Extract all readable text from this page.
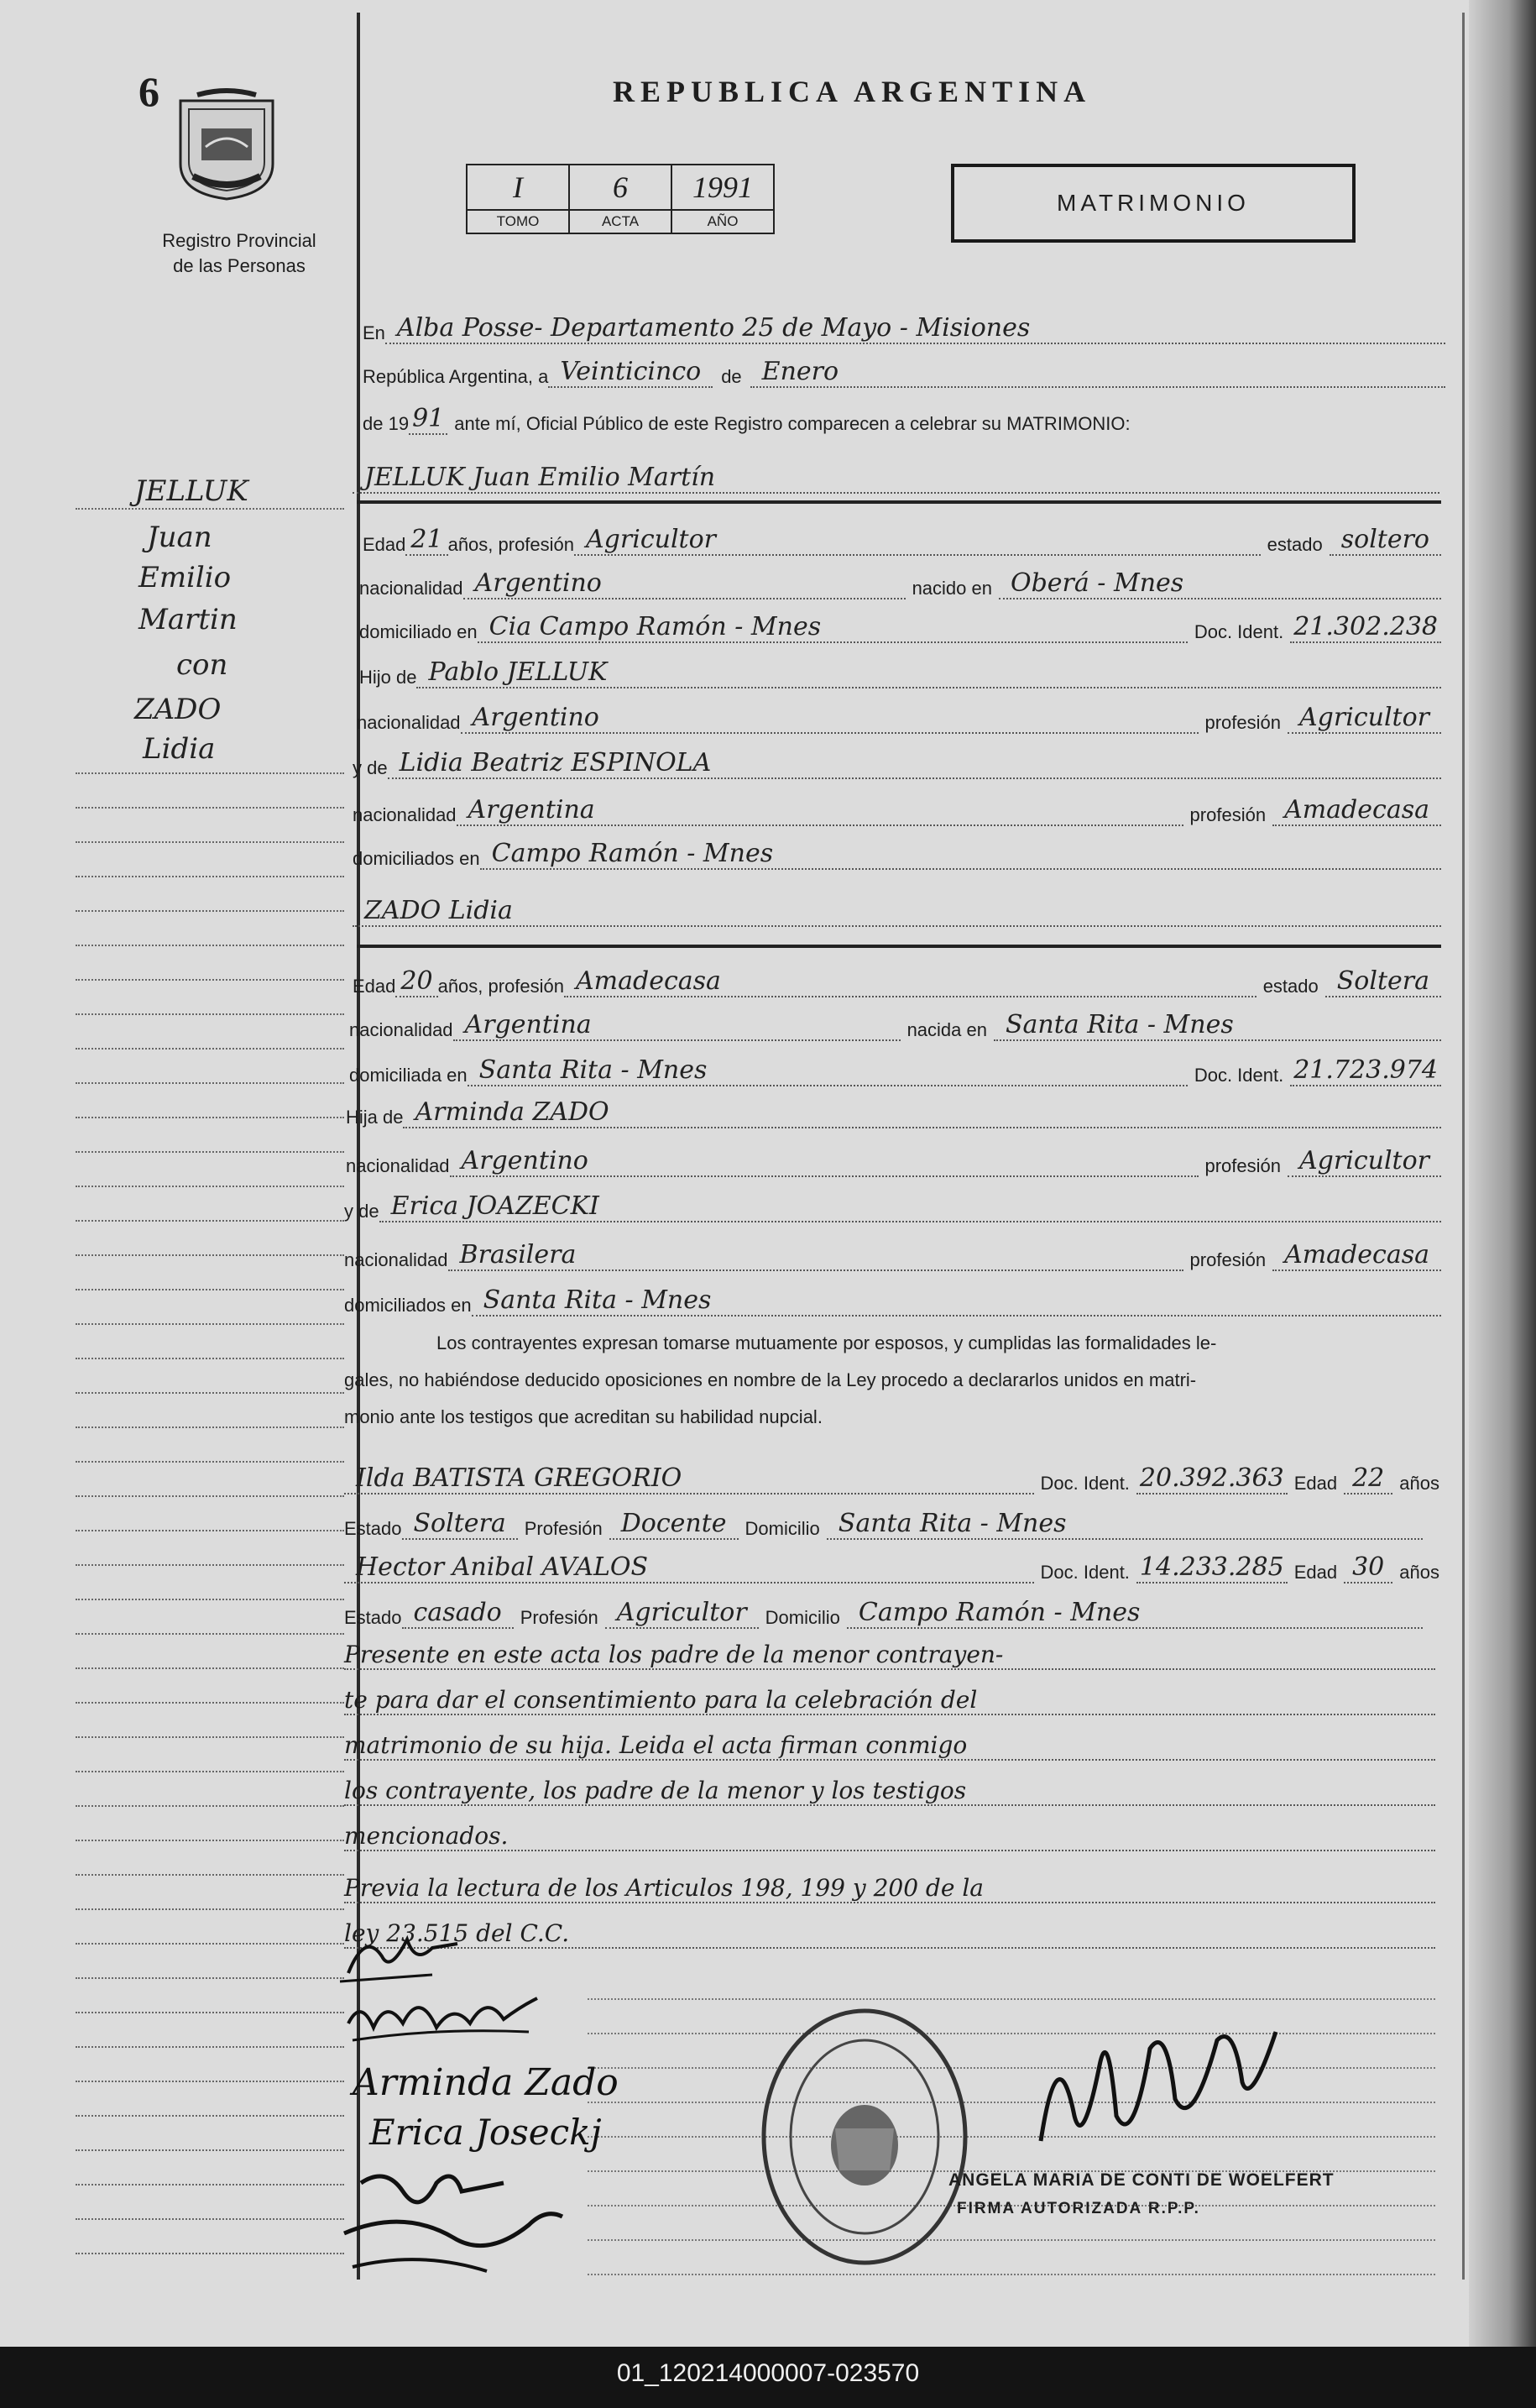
6
Registro Provincial
de las Personas
REPUBLICA ARGENTINA
I	6	1991
TOMO	ACTA	AÑO
MATRIMONIO
En Alba Posse- Departamento 25 de Mayo - Misiones
República Argentina, a Veinticinco	de Enero
de 19 91 ante mí, Oficial Público de este Registro comparecen a celebrar su MATRIMONIO:
JELLUK Juan Emilio Martín
JELLUK
Juan
Emilio
Martin
con
ZADO
Lidia
Edad 21 años, profesión Agricultor	estado soltero
nacionalidad Argentino	nacido en Oberá - Mnes
domiciliado en Cia Campo Ramón - Mnes	Doc. Ident. 21.302.238
Hijo de Pablo JELLUK
nacionalidad Argentino	profesión Agricultor
y de Lidia Beatriz ESPINOLA
nacionalidad Argentina	profesión Amadecasa
domiciliados en Campo Ramón - Mnes
ZADO Lidia
Edad 20 años, profesión Amadecasa	estado Soltera
nacionalidad Argentina	nacida en Santa Rita - Mnes
domiciliada en Santa Rita - Mnes	Doc. Ident. 21.723.974
Hija de Arminda ZADO
nacionalidad Argentino	profesión Agricultor
y de Erica JOAZECKI
nacionalidad Brasilera	profesión Amadecasa
domiciliados en Santa Rita - Mnes
Los contrayentes expresan tomarse mutuamente por esposos, y cumplidas las formalidades le-
gales, no habiéndose deducido oposiciones en nombre de la Ley procedo a declararlos unidos en matri-
monio ante los testigos que acreditan su habilidad nupcial.
Ilda BATISTA GREGORIO	Doc. Ident. 20.392.363 Edad 22 años
Estado Soltera	Profesión Docente	Domicilio Santa Rita - Mnes
Hector Anibal AVALOS	Doc. Ident. 14.233.285 Edad 30 años
Estado casado	Profesión Agricultor	Domicilio Campo Ramón - Mnes
Presente en este acta los padre de la menor contrayen-
te para dar el consentimiento para la celebración del
matrimonio de su hija. Leida el acta firman conmigo
los contrayente, los padre de la menor y los testigos
mencionados.
Previa la lectura de los Articulos 198, 199 y 200 de la
ley 23.515 del C.C.
Arminda Zado
Erica Joseckj
ANGELA MARIA DE CONTI DE WOELFERT
FIRMA AUTORIZADA R.P.P.
01_120214000007-023570
